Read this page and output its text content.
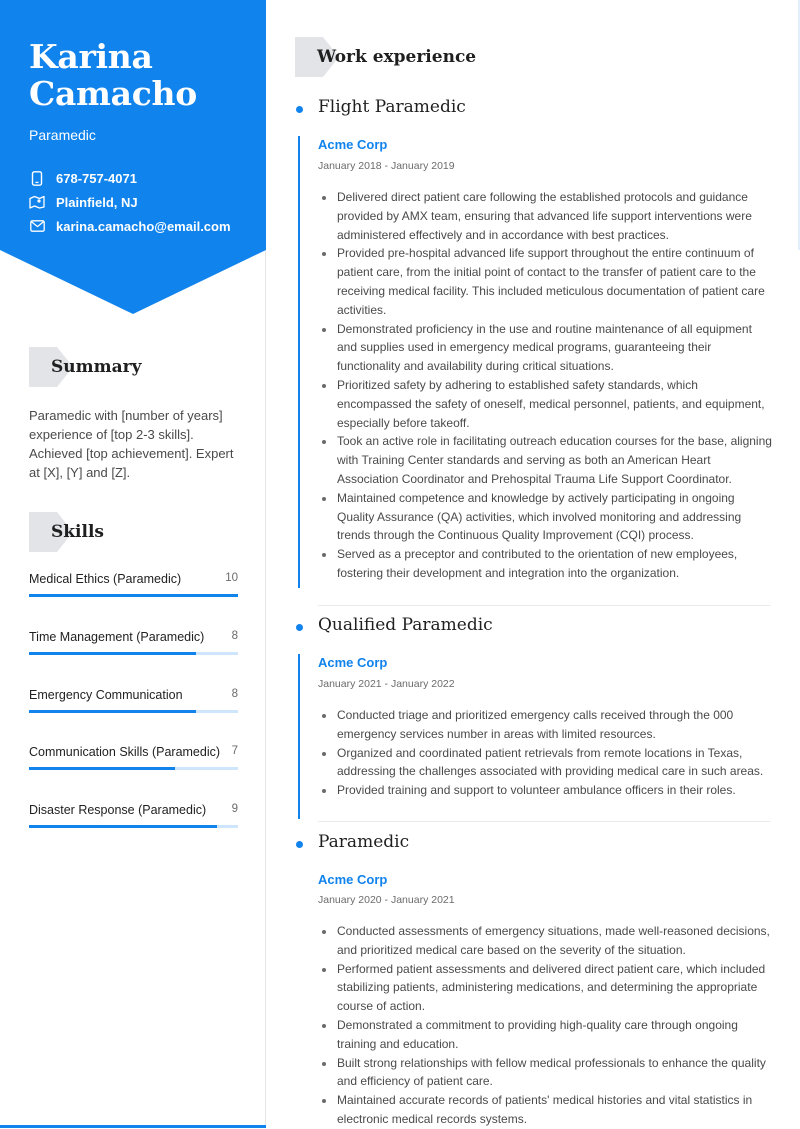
Karina
Camacho
Paramedic
678-757-4071
Plainfield, NJ
karina.camacho@email.com
Summary
Paramedic with [number of years] experience of [top 2-3 skills]. Achieved [top achievement]. Expert at [X], [Y] and [Z].
Skills
Medical Ethics (Paramedic)	10
Time Management (Paramedic) 8
Emergency Communication	8
Communication Skills (Paramedic) 7
Disaster Response (Paramedic) 9
Work experience
Flight Paramedic
Acme Corp
January 2018 - January 2019
Delivered direct patient care following the established protocols and guidance provided by AMX team, ensuring that advanced life support interventions were administered effectively and in accordance with best practices.
Provided pre-hospital advanced life support throughout the entire continuum of patient care, from the initial point of contact to the transfer of patient care to the receiving medical facility. This included meticulous documentation of patient care activities.
Demonstrated proficiency in the use and routine maintenance of all equipment and supplies used in emergency medical programs, guaranteeing their functionality and availability during critical situations.
Prioritized safety by adhering to established safety standards, which encompassed the safety of oneself, medical personnel, patients, and equipment, especially before takeoff.
Took an active role in facilitating outreach education courses for the base, aligning with Training Center standards and serving as both an American Heart Association Coordinator and Prehospital Trauma Life Support Coordinator.
Maintained competence and knowledge by actively participating in ongoing Quality Assurance (QA) activities, which involved monitoring and addressing trends through the Continuous Quality Improvement (CQI) process.
Served as a preceptor and contributed to the orientation of new employees, fostering their development and integration into the organization.
Qualified Paramedic
Acme Corp
January 2021 - January 2022
Conducted triage and prioritized emergency calls received through the 000 emergency services number in areas with limited resources.
Organized and coordinated patient retrievals from remote locations in Texas, addressing the challenges associated with providing medical care in such areas.
Provided training and support to volunteer ambulance officers in their roles.
Paramedic
Acme Corp
January 2020 - January 2021
Conducted assessments of emergency situations, made well-reasoned decisions, and prioritized medical care based on the severity of the situation.
Performed patient assessments and delivered direct patient care, which included stabilizing patients, administering medications, and determining the appropriate course of action.
Demonstrated a commitment to providing high-quality care through ongoing training and education.
Built strong relationships with fellow medical professionals to enhance the quality and efficiency of patient care.
Maintained accurate records of patients' medical histories and vital statistics in electronic medical records systems.
